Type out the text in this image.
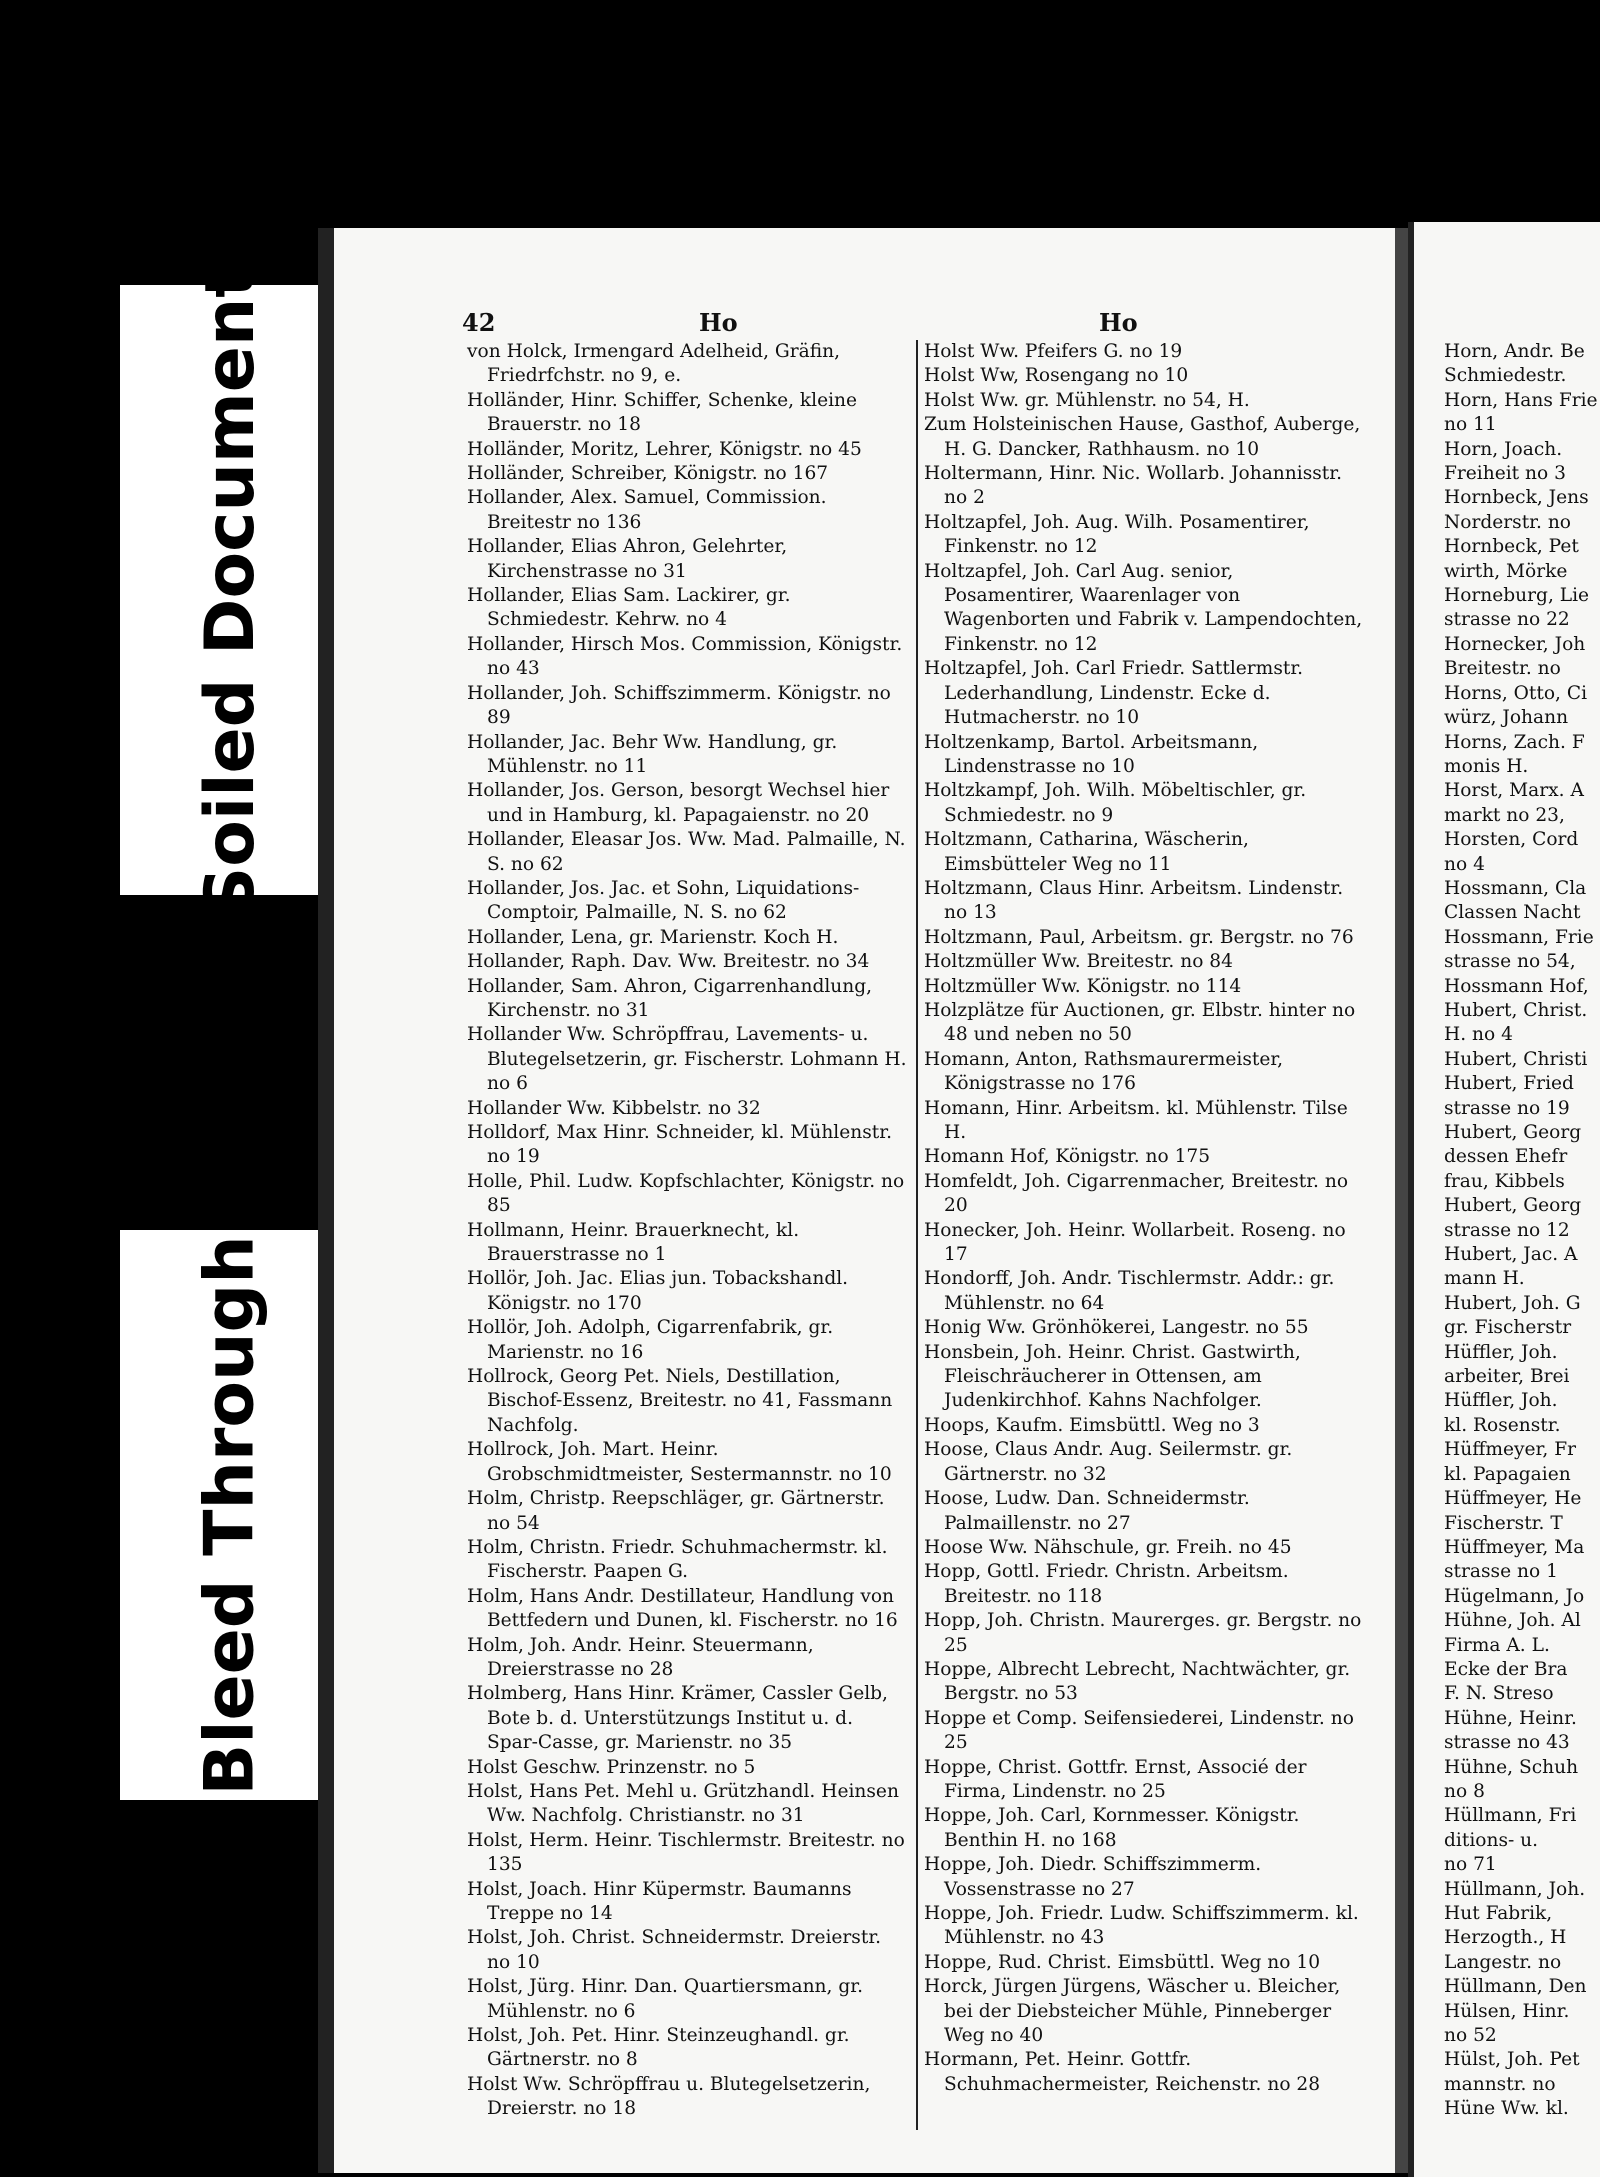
Soiled Document
Bleed Through
42	Ho	Ho
von Holck, Irmengard Adelheid, Gräfin, Friedrfchstr. no 9, e.
Holländer, Hinr. Schiffer, Schenke, kleine Brauerstr. no 18
Holländer, Moritz, Lehrer, Königstr. no 45
Holländer, Schreiber, Königstr. no 167
Hollander, Alex. Samuel, Commission. Breitestr no 136
Hollander, Elias Ahron, Gelehrter, Kirchenstrasse no 31
Hollander, Elias Sam. Lackirer, gr. Schmiedestr. Kehrw. no 4
Hollander, Hirsch Mos. Commission, Königstr. no 43
Hollander, Joh. Schiffszimmerm. Königstr. no 89
Hollander, Jac. Behr Ww. Handlung, gr. Mühlenstr. no 11
Hollander, Jos. Gerson, besorgt Wechsel hier und in Hamburg, kl. Papagaienstr. no 20
Hollander, Eleasar Jos. Ww. Mad. Palmaille, N. S. no 62
Hollander, Jos. Jac. et Sohn, Liquidations-Comptoir, Palmaille, N. S. no 62
Hollander, Lena, gr. Marienstr. Koch H.
Hollander, Raph. Dav. Ww. Breitestr. no 34
Hollander, Sam. Ahron, Cigarrenhandlung, Kirchenstr. no 31
Hollander Ww. Schröpffrau, Lavements- u. Blutegelsetzerin, gr. Fischerstr. Lohmann H. no 6
Hollander Ww. Kibbelstr. no 32
Holldorf, Max Hinr. Schneider, kl. Mühlenstr. no 19
Holle, Phil. Ludw. Kopfschlachter, Königstr. no 85
Hollmann, Heinr. Brauerknecht, kl. Brauerstrasse no 1
Hollör, Joh. Jac. Elias jun. Tobackshandl. Königstr. no 170
Hollör, Joh. Adolph, Cigarrenfabrik, gr. Marienstr. no 16
Hollrock, Georg Pet. Niels, Destillation, Bischof-Essenz, Breitestr. no 41, Fassmann Nachfolg.
Hollrock, Joh. Mart. Heinr. Grobschmidtmeister, Sestermannstr. no 10
Holm, Christp. Reepschläger, gr. Gärtnerstr. no 54
Holm, Christn. Friedr. Schuhmachermstr. kl. Fischerstr. Paapen G.
Holm, Hans Andr. Destillateur, Handlung von Bettfedern und Dunen, kl. Fischerstr. no 16
Holm, Joh. Andr. Heinr. Steuermann, Dreierstrasse no 28
Holmberg, Hans Hinr. Krämer, Cassler Gelb, Bote b. d. Unterstützungs Institut u. d. Spar-Casse, gr. Marienstr. no 35
Holst Geschw. Prinzenstr. no 5
Holst, Hans Pet. Mehl u. Grützhandl. Heinsen Ww. Nachfolg. Christianstr. no 31
Holst, Herm. Heinr. Tischlermstr. Breitestr. no 135
Holst, Joach. Hinr Küpermstr. Baumanns Treppe no 14
Holst, Joh. Christ. Schneidermstr. Dreierstr. no 10
Holst, Jürg. Hinr. Dan. Quartiersmann, gr. Mühlenstr. no 6
Holst, Joh. Pet. Hinr. Steinzeughandl. gr. Gärtnerstr. no 8
Holst Ww. Schröpffrau u. Blutegelsetzerin, Dreierstr. no 18
Holst Ww. Pfeifers G. no 19
Holst Ww, Rosengang no 10
Holst Ww. gr. Mühlenstr. no 54, H.
Zum Holsteinischen Hause, Gasthof, Auberge, H. G. Dancker, Rathhausm. no 10
Holtermann, Hinr. Nic. Wollarb. Johannisstr. no 2
Holtzapfel, Joh. Aug. Wilh. Posamentirer, Finkenstr. no 12
Holtzapfel, Joh. Carl Aug. senior, Posamentirer, Waarenlager von Wagenborten und Fabrik v. Lampendochten, Finkenstr. no 12
Holtzapfel, Joh. Carl Friedr. Sattlermstr. Lederhandlung, Lindenstr. Ecke d. Hutmacherstr. no 10
Holtzenkamp, Bartol. Arbeitsmann, Lindenstrasse no 10
Holtzkampf, Joh. Wilh. Möbeltischler, gr. Schmiedestr. no 9
Holtzmann, Catharina, Wäscherin, Eimsbütteler Weg no 11
Holtzmann, Claus Hinr. Arbeitsm. Lindenstr. no 13
Holtzmann, Paul, Arbeitsm. gr. Bergstr. no 76
Holtzmüller Ww. Breitestr. no 84
Holtzmüller Ww. Königstr. no 114
Holzplätze für Auctionen, gr. Elbstr. hinter no 48 und neben no 50
Homann, Anton, Rathsmaurermeister, Königstrasse no 176
Homann, Hinr. Arbeitsm. kl. Mühlenstr. Tilse H.
Homann Hof, Königstr. no 175
Homfeldt, Joh. Cigarrenmacher, Breitestr. no 20
Honecker, Joh. Heinr. Wollarbeit. Roseng. no 17
Hondorff, Joh. Andr. Tischlermstr. Addr.: gr. Mühlenstr. no 64
Honig Ww. Grönhökerei, Langestr. no 55
Honsbein, Joh. Heinr. Christ. Gastwirth, Fleischräucherer in Ottensen, am Judenkirchhof. Kahns Nachfolger.
Hoops, Kaufm. Eimsbüttl. Weg no 3
Hoose, Claus Andr. Aug. Seilermstr. gr. Gärtnerstr. no 32
Hoose, Ludw. Dan. Schneidermstr. Palmaillenstr. no 27
Hoose Ww. Nähschule, gr. Freih. no 45
Hopp, Gottl. Friedr. Christn. Arbeitsm. Breitestr. no 118
Hopp, Joh. Christn. Maurerges. gr. Bergstr. no 25
Hoppe, Albrecht Lebrecht, Nachtwächter, gr. Bergstr. no 53
Hoppe et Comp. Seifensiederei, Lindenstr. no 25
Hoppe, Christ. Gottfr. Ernst, Associé der Firma, Lindenstr. no 25
Hoppe, Joh. Carl, Kornmesser. Königstr. Benthin H. no 168
Hoppe, Joh. Diedr. Schiffszimmerm. Vossenstrasse no 27
Hoppe, Joh. Friedr. Ludw. Schiffszimmerm. kl. Mühlenstr. no 43
Hoppe, Rud. Christ. Eimsbüttl. Weg no 10
Horck, Jürgen Jürgens, Wäscher u. Bleicher, bei der Diebsteicher Mühle, Pinneberger Weg no 40
Hormann, Pet. Heinr. Gottfr. Schuhmachermeister, Reichenstr. no 28
Horn, Andr. Be
Schmiedestr.
Horn, Hans Frie
no 11
Horn, Joach.
Freiheit no 3
Hornbeck, Jens
Norderstr. no
Hornbeck, Pet
wirth, Mörke
Horneburg, Lie
strasse no 22
Hornecker, Joh
Breitestr. no
Horns, Otto, Ci
würz, Johann
Horns, Zach. F
monis H.
Horst, Marx. A
markt no 23,
Horsten, Cord
no 4
Hossmann, Cla
Classen Nacht
Hossmann, Frie
strasse no 54,
Hossmann Hof,
Hubert, Christ.
H. no 4
Hubert, Christi
Hubert, Fried
strasse no 19
Hubert, Georg
dessen Ehefr
frau, Kibbels
Hubert, Georg
strasse no 12
Hubert, Jac. A
mann H.
Hubert, Joh. G
gr. Fischerstr
Hüffler, Joh.
arbeiter, Brei
Hüffler, Joh.
kl. Rosenstr.
Hüffmeyer, Fr
kl. Papagaien
Hüffmeyer, He
Fischerstr. T
Hüffmeyer, Ma
strasse no 1
Hügelmann, Jo
Hühne, Joh. Al
Firma A. L.
Ecke der Bra
F. N. Streso
Hühne, Heinr.
strasse no 43
Hühne, Schuh
no 8
Hüllmann, Fri
ditions- u.
no 71
Hüllmann, Joh.
Hut Fabrik,
Herzogth., H
Langestr. no
Hüllmann, Den
Hülsen, Hinr.
no 52
Hülst, Joh. Pet
mannstr. no
Hüne Ww. kl.
